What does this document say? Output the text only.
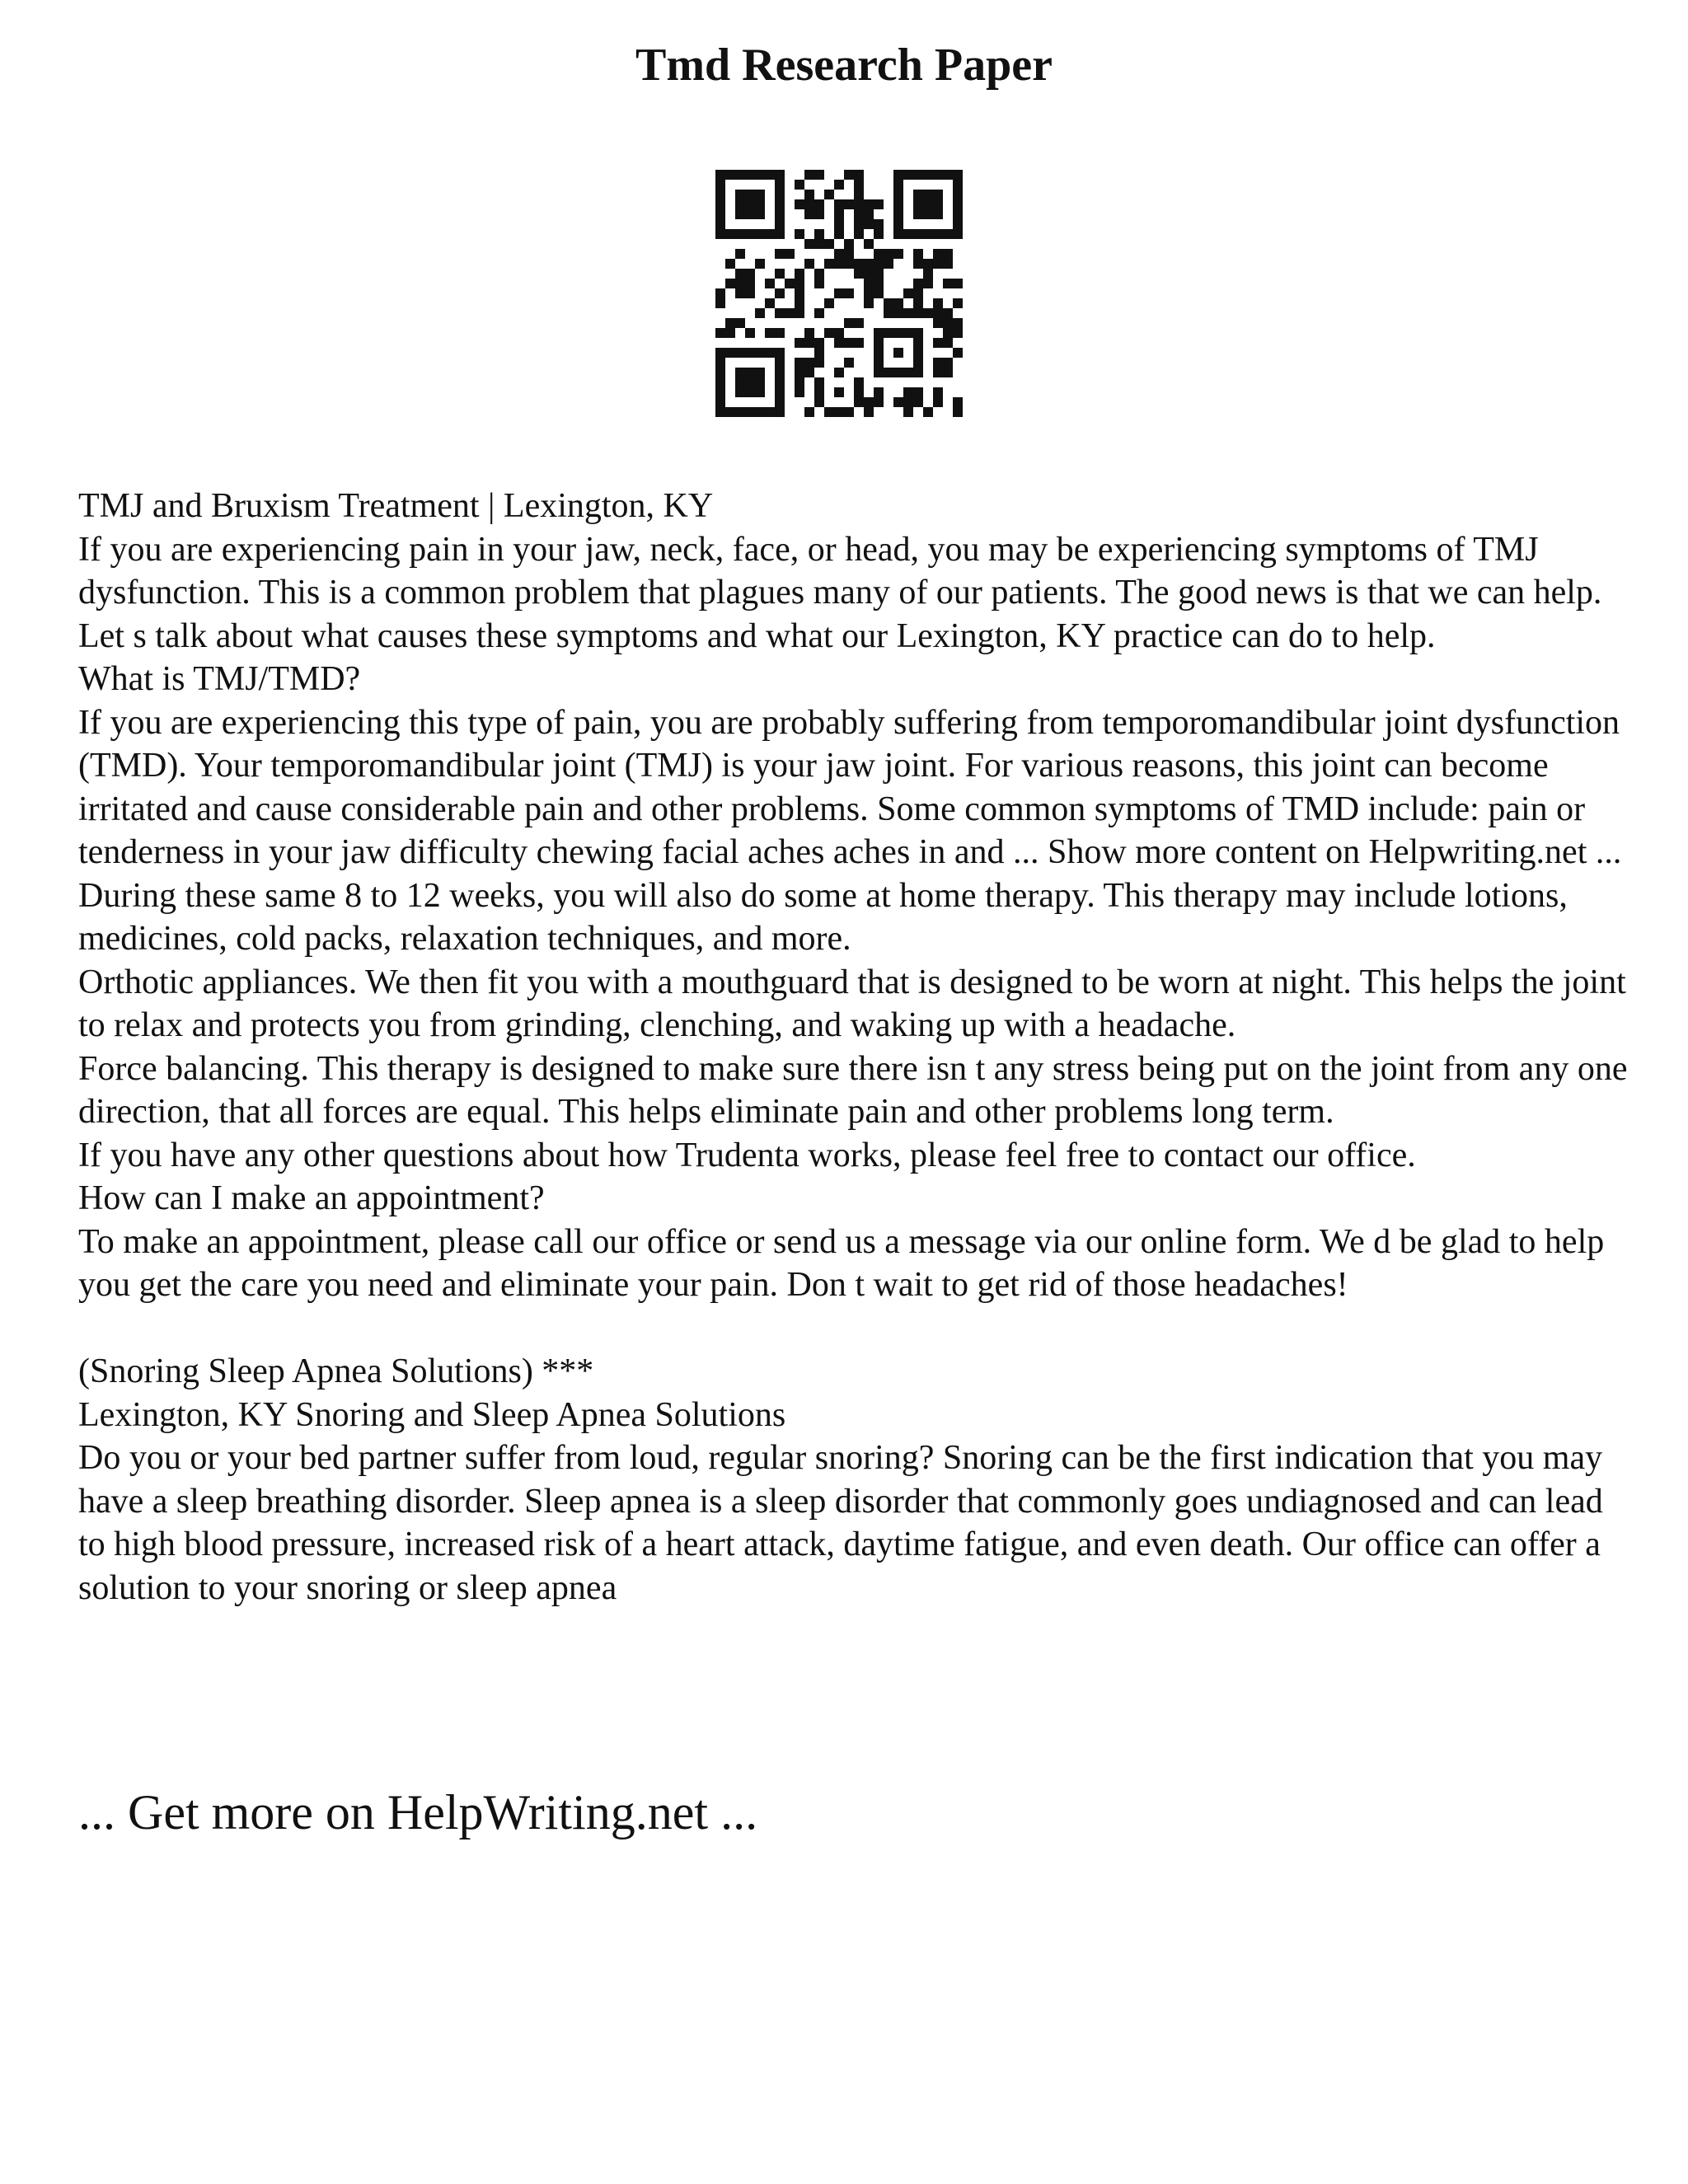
Tmd Research Paper

TMJ and Bruxism Treatment | Lexington, KY

If you are experiencing pain in your jaw, neck, face, or head, you may be experiencing symptoms of TMJ dysfunction. This is a common problem that plagues many of our patients. The good news is that we can help. Let s talk about what causes these symptoms and what our Lexington, KY practice can do to help.

What is TMJ/TMD?

If you are experiencing this type of pain, you are probably suffering from temporomandibular joint dysfunction (TMD). Your temporomandibular joint (TMJ) is your jaw joint. For various reasons, this joint can become irritated and cause considerable pain and other problems. Some common symptoms of TMD include: pain or tenderness in your jaw difficulty chewing facial aches aches in and ... Show more content on Helpwriting.net ...

During these same 8 to 12 weeks, you will also do some at home therapy. This therapy may include lotions, medicines, cold packs, relaxation techniques, and more.

Orthotic appliances. We then fit you with a mouthguard that is designed to be worn at night. This helps the joint to relax and protects you from grinding, clenching, and waking up with a headache.

Force balancing. This therapy is designed to make sure there isn t any stress being put on the joint from any one direction, that all forces are equal. This helps eliminate pain and other problems long term.

If you have any other questions about how Trudenta works, please feel free to contact our office.

How can I make an appointment?

To make an appointment, please call our office or send us a message via our online form. We d be glad to help you get the care you need and eliminate your pain. Don t wait to get rid of those headaches!

(Snoring Sleep Apnea Solutions) ***

Lexington, KY Snoring and Sleep Apnea Solutions

Do you or your bed partner suffer from loud, regular snoring? Snoring can be the first indication that you may have a sleep breathing disorder. Sleep apnea is a sleep disorder that commonly goes undiagnosed and can lead to high blood pressure, increased risk of a heart attack, daytime fatigue, and even death. Our office can offer a solution to your snoring or sleep apnea

... Get more on HelpWriting.net ...
